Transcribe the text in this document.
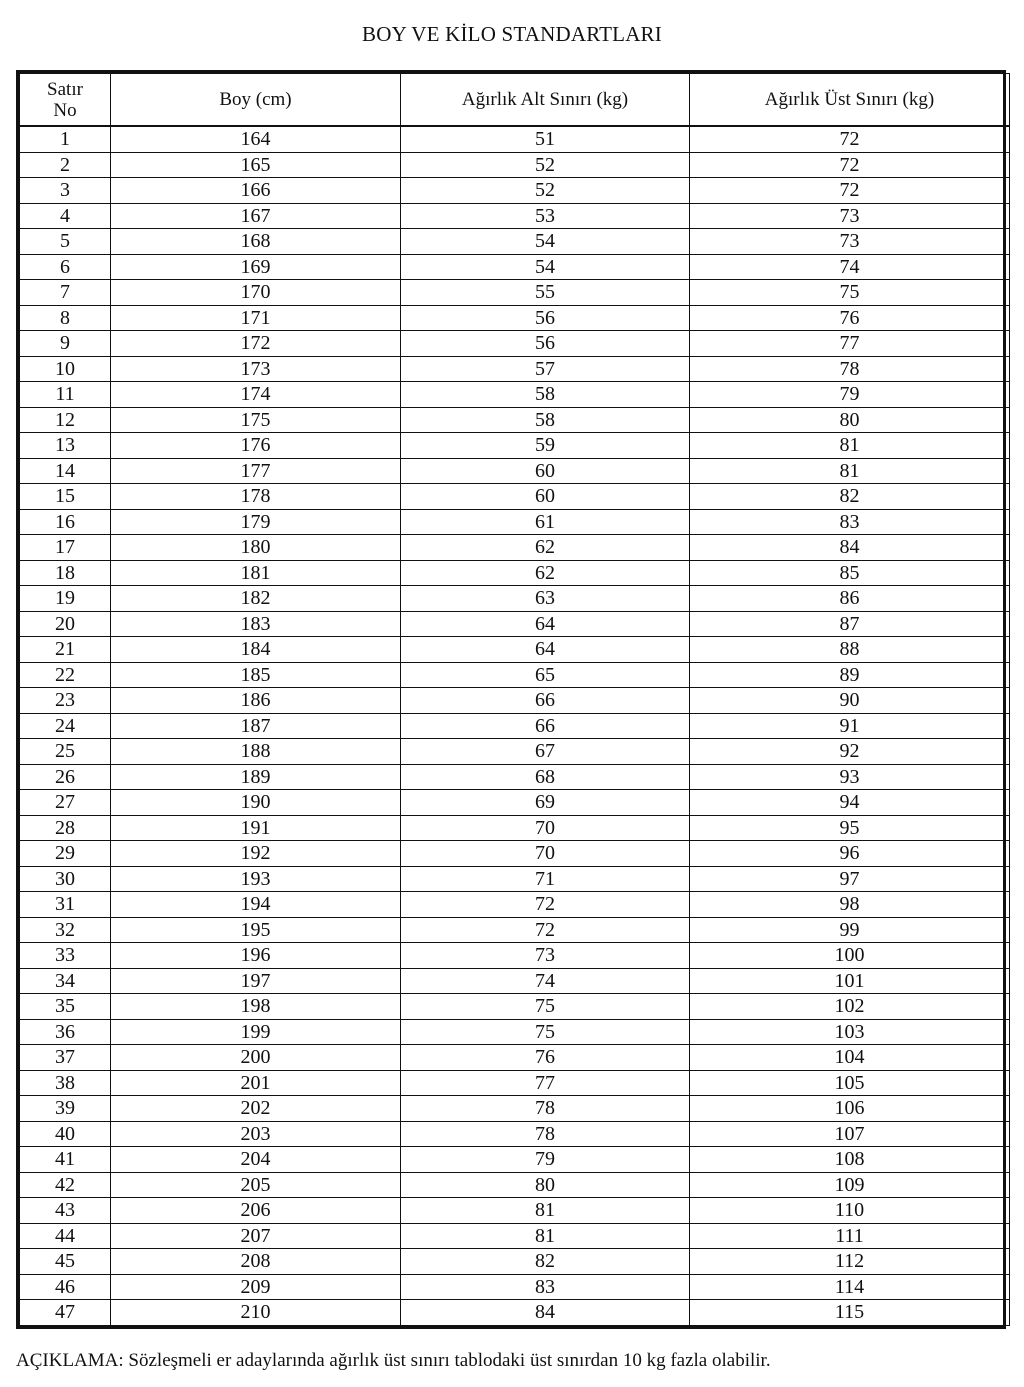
BOY VE KİLO STANDARTLARI
Satır
No	Boy (cm)	Ağırlık Alt Sınırı (kg)	Ağırlık Üst Sınırı (kg)
1	164	51	72
2	165	52	72
3	166	52	72
4	167	53	73
5	168	54	73
6	169	54	74
7	170	55	75
8	171	56	76
9	172	56	77
10	173	57	78
11	174	58	79
12	175	58	80
13	176	59	81
14	177	60	81
15	178	60	82
16	179	61	83
17	180	62	84
18	181	62	85
19	182	63	86
20	183	64	87
21	184	64	88
22	185	65	89
23	186	66	90
24	187	66	91
25	188	67	92
26	189	68	93
27	190	69	94
28	191	70	95
29	192	70	96
30	193	71	97
31	194	72	98
32	195	72	99
33	196	73	100
34	197	74	101
35	198	75	102
36	199	75	103
37	200	76	104
38	201	77	105
39	202	78	106
40	203	78	107
41	204	79	108
42	205	80	109
43	206	81	110
44	207	81	111
45	208	82	112
46	209	83	114
47	210	84	115
AÇIKLAMA: Sözleşmeli er adaylarında ağırlık üst sınırı tablodaki üst sınırdan 10 kg fazla olabilir.
